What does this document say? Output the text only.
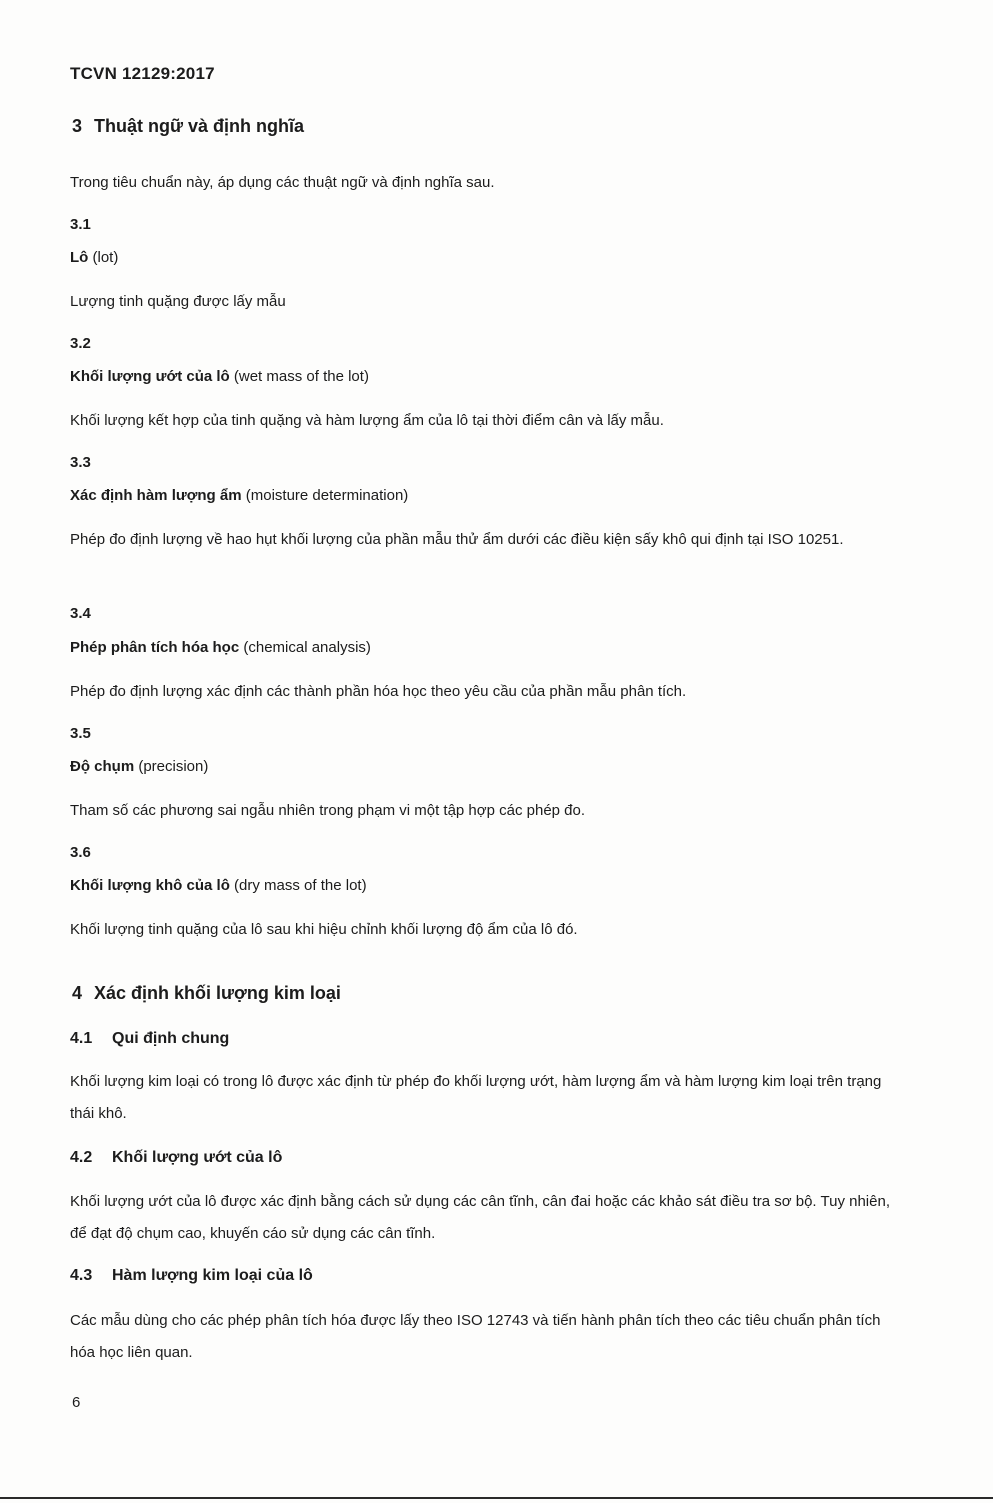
TCVN 12129:2017
3 Thuật ngữ và định nghĩa
Trong tiêu chuẩn này, áp dụng các thuật ngữ và định nghĩa sau.
3.1
Lô (lot)
Lượng tinh quặng được lấy mẫu
3.2
Khối lượng ướt của lô (wet mass of the lot)
Khối lượng kết hợp của tinh quặng và hàm lượng ẩm của lô tại thời điểm cân và lấy mẫu.
3.3
Xác định hàm lượng ẩm (moisture determination)
Phép đo định lượng về hao hụt khối lượng của phần mẫu thử ẩm dưới các điều kiện sấy khô qui định tại ISO 10251.
3.4
Phép phân tích hóa học (chemical analysis)
Phép đo định lượng xác định các thành phần hóa học theo yêu cầu của phần mẫu phân tích.
3.5
Độ chụm (precision)
Tham số các phương sai ngẫu nhiên trong phạm vi một tập hợp các phép đo.
3.6
Khối lượng khô của lô (dry mass of the lot)
Khối lượng tinh quặng của lô sau khi hiệu chỉnh khối lượng độ ẩm của lô đó.
4 Xác định khối lượng kim loại
4.1 Qui định chung
Khối lượng kim loại có trong lô được xác định từ phép đo khối lượng ướt, hàm lượng ẩm và hàm lượng kim loại trên trạng thái khô.
4.2 Khối lượng ướt của lô
Khối lượng ướt của lô được xác định bằng cách sử dụng các cân tĩnh, cân đai hoặc các khảo sát điều tra sơ bộ. Tuy nhiên, để đạt độ chụm cao, khuyến cáo sử dụng các cân tĩnh.
4.3 Hàm lượng kim loại của lô
Các mẫu dùng cho các phép phân tích hóa được lấy theo ISO 12743 và tiến hành phân tích theo các tiêu chuẩn phân tích hóa học liên quan.
6
